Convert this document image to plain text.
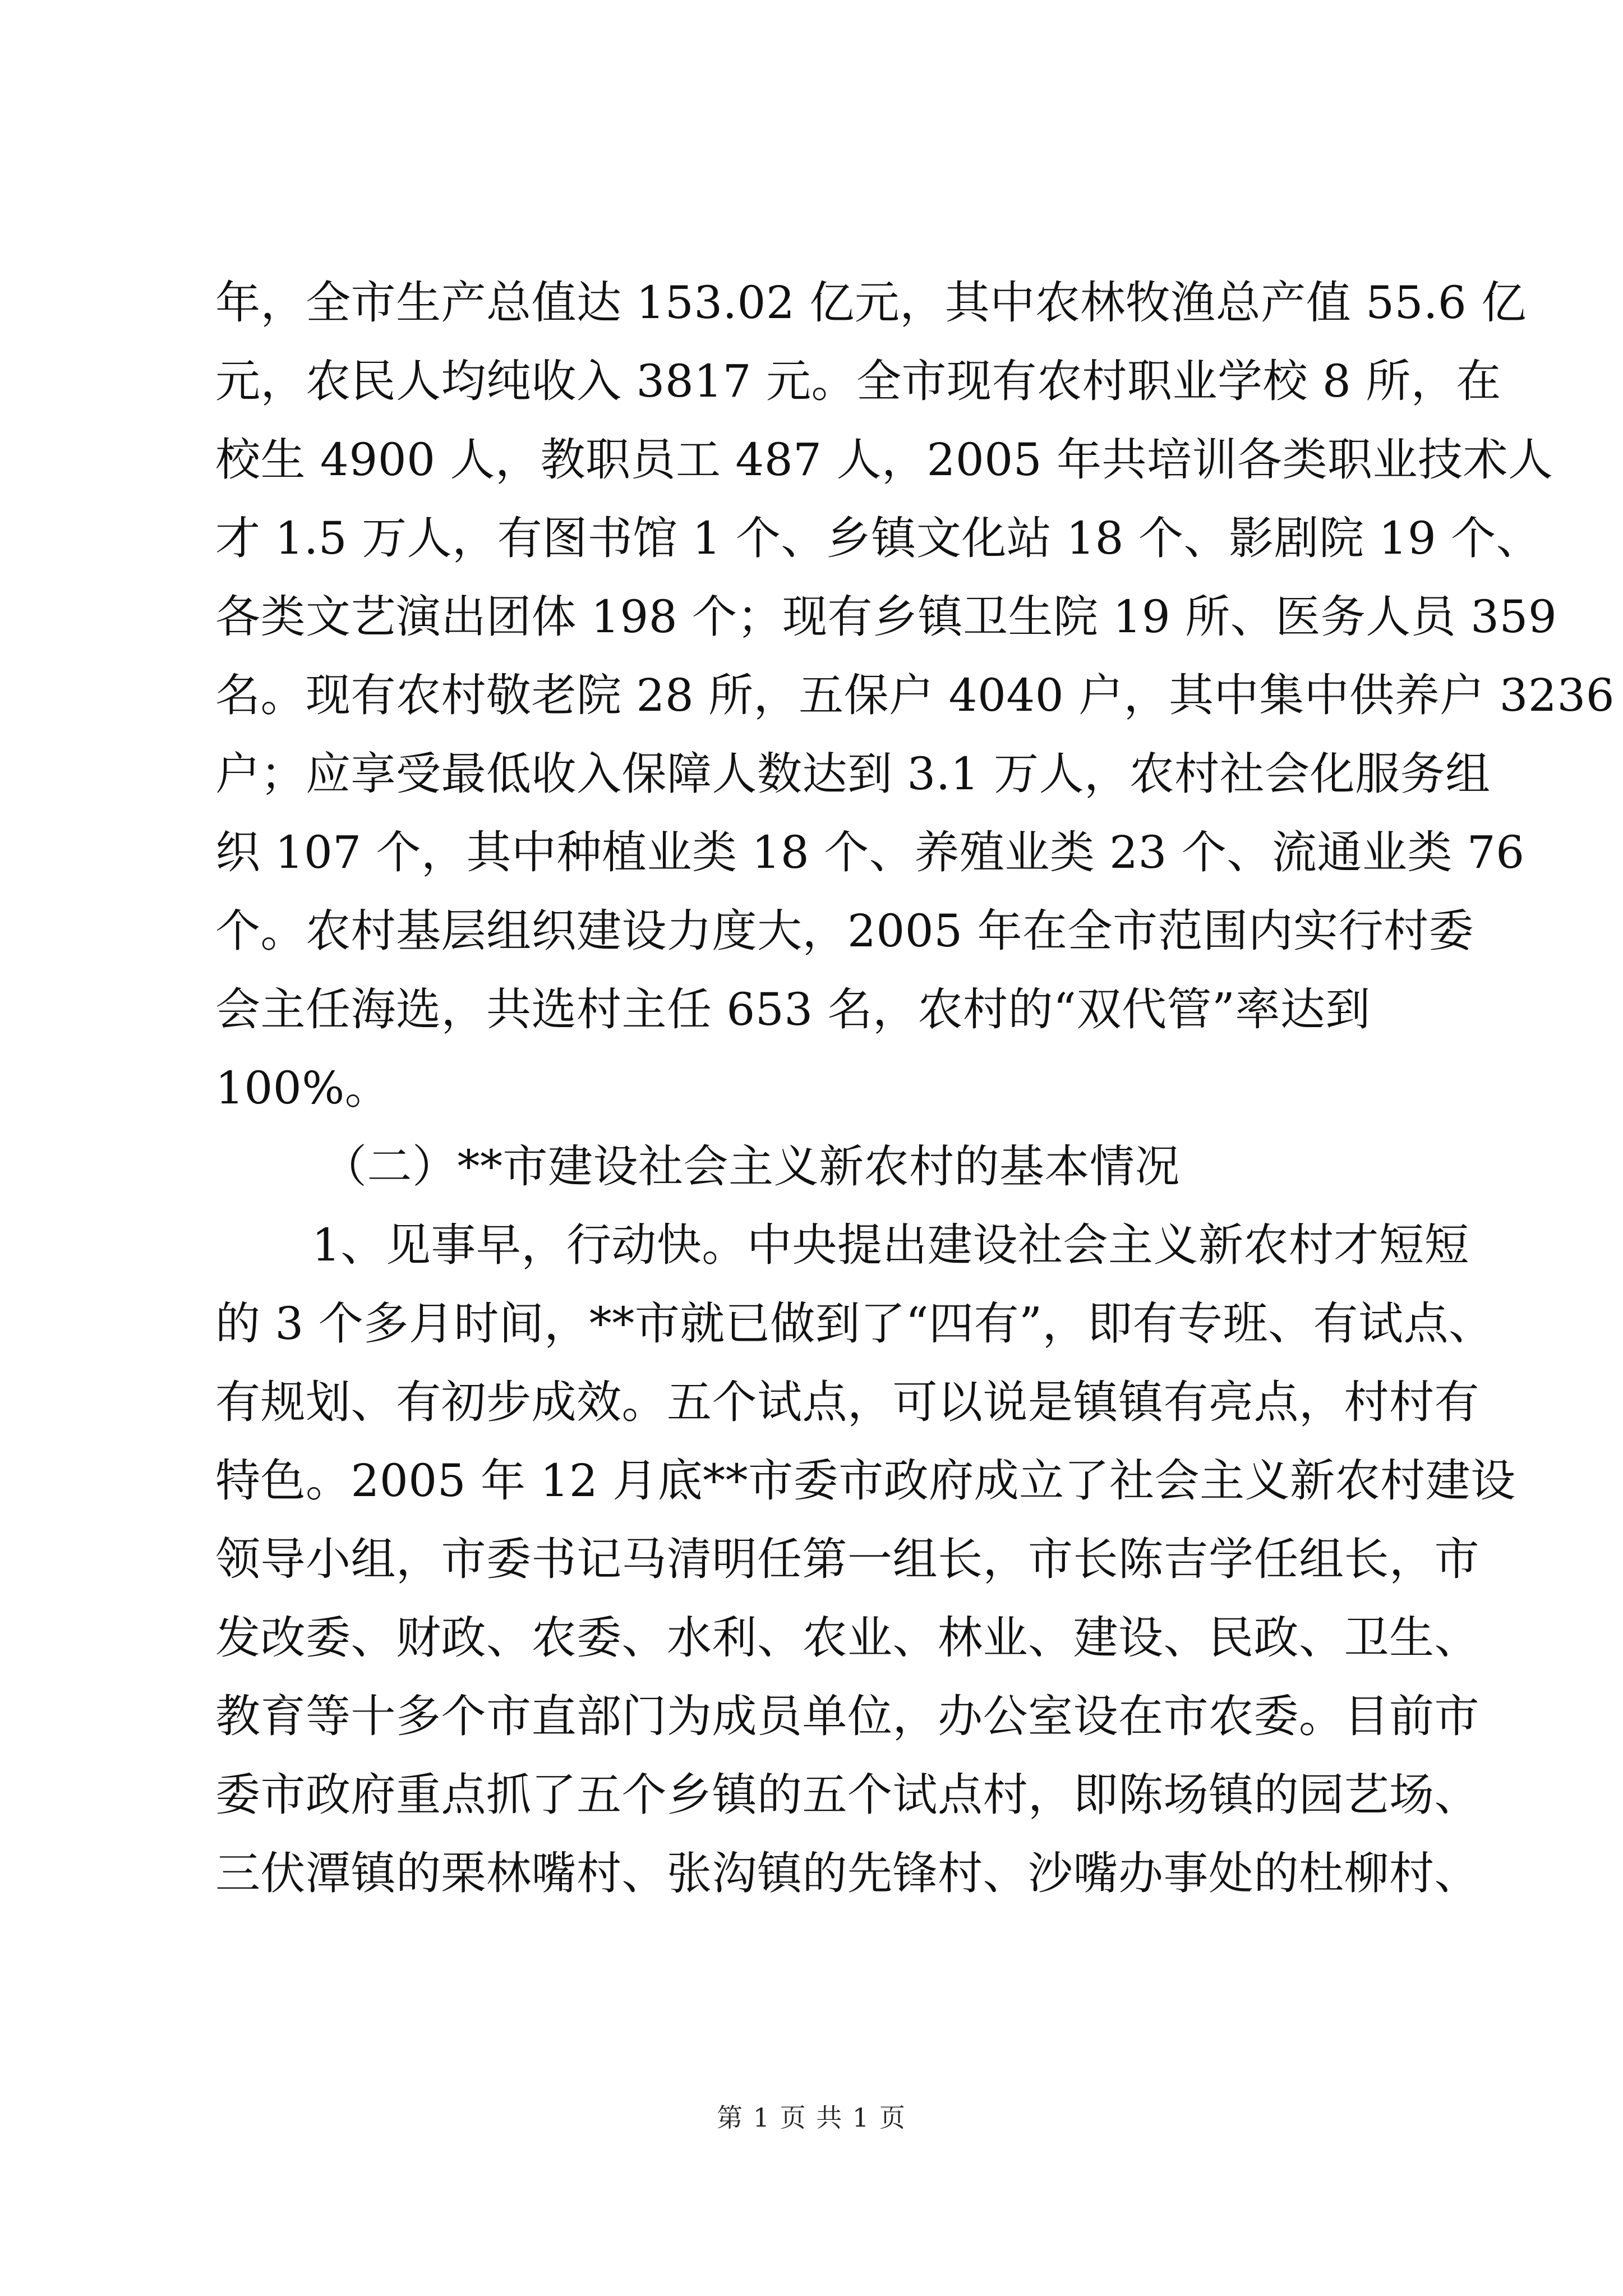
年，全市生产总值达 153.02 亿元，其中农林牧渔总产值 55.6 亿
元，农民人均纯收入 3817 元。全市现有农村职业学校 8 所，在
校生 4900 人，教职员工 487 人，2005 年共培训各类职业技术人
才 1.5 万人，有图书馆 1 个、乡镇文化站 18 个、影剧院 19 个、
各类文艺演出团体 198 个；现有乡镇卫生院 19 所、医务人员 359
名。现有农村敬老院 28 所，五保户 4040 户，其中集中供养户 3236
户；应享受最低收入保障人数达到 3.1 万人，农村社会化服务组
织 107 个，其中种植业类 18 个、养殖业类 23 个、流通业类 76
个。农村基层组织建设力度大，2005 年在全市范围内实行村委
会主任海选，共选村主任 653 名，农村的“双代管”率达到
100%。
（二）**市建设社会主义新农村的基本情况
1、见事早，行动快。中央提出建设社会主义新农村才短短
的 3 个多月时间，**市就已做到了“四有”，即有专班、有试点、
有规划、有初步成效。五个试点，可以说是镇镇有亮点，村村有
特色。2005 年 12 月底**市委市政府成立了社会主义新农村建设
领导小组，市委书记马清明任第一组长，市长陈吉学任组长，市
发改委、财政、农委、水利、农业、林业、建设、民政、卫生、
教育等十多个市直部门为成员单位，办公室设在市农委。目前市
委市政府重点抓了五个乡镇的五个试点村，即陈场镇的园艺场、
三伏潭镇的栗林嘴村、张沟镇的先锋村、沙嘴办事处的杜柳村、
第 1 页 共 1 页
